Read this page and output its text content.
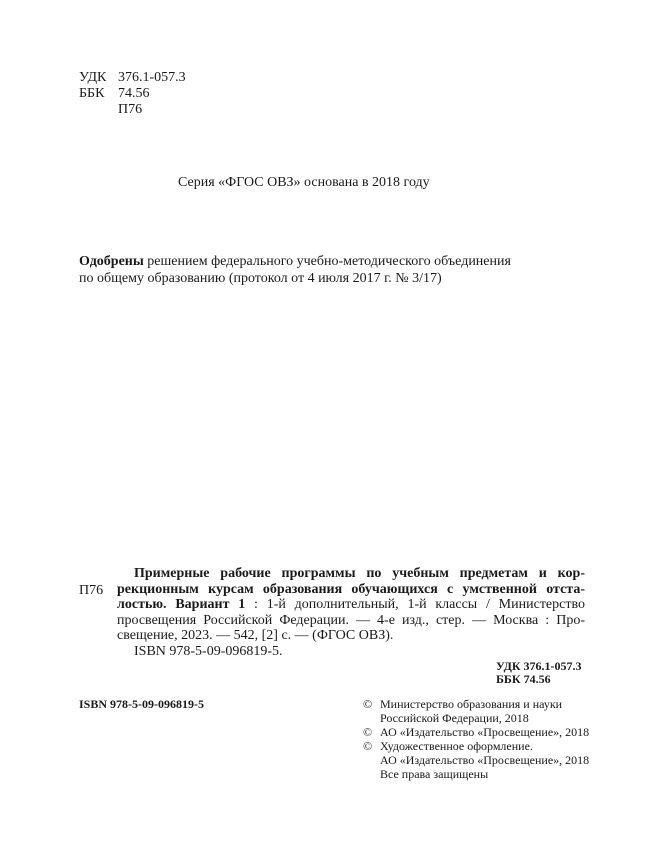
УДК 376.1-057.3
ББК 74.56
П76
Серия «ФГОС ОВЗ» основана в 2018 году
Одобрены решением федерального учебно-методического объединения
по общему образованию (протокол от 4 июля 2017 г. № 3/17)
П76
Примерные рабочие программы по учебным предметам и кор-
рекционным курсам образования обучающихся с умственной отста-
лостью. Вариант 1 : 1-й дополнительный, 1-й классы / Министерство
просвещения Российской Федерации. — 4-е изд., стер. — Москва : Про-
свещение, 2023. — 542, [2] с. — (ФГОС ОВЗ).
ISBN 978-5-09-096819-5.
УДК 376.1-057.3
ББК 74.56
ISBN 978-5-09-096819-5	© Министерство образования и науки
Российской Федерации, 2018
© АО «Издательство «Просвещение», 2018
© Художественное оформление.
АО «Издательство «Просвещение», 2018
Все права защищены
